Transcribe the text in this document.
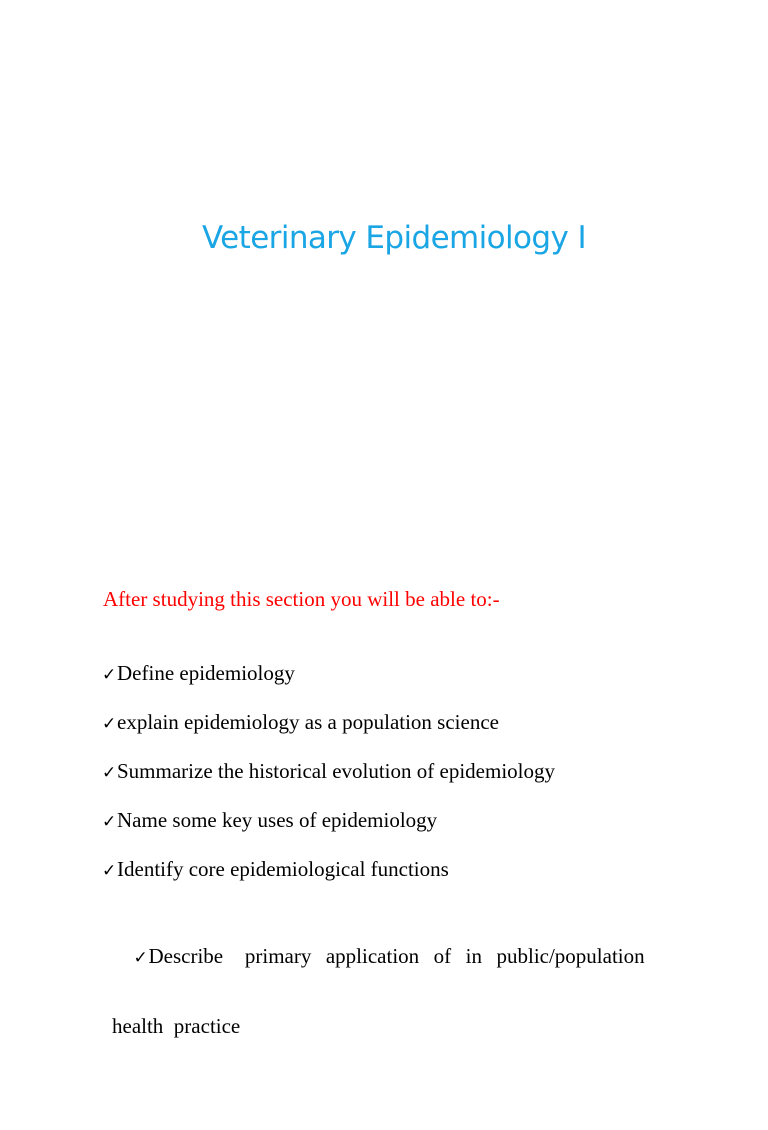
Veterinary Epidemiology I
After studying this section you will be able to:-
✓Define epidemiology
✓explain epidemiology as a population science
✓Summarize the historical evolution of epidemiology
✓Name some key uses of epidemiology
✓Identify core epidemiological functions

✓Describe   primary  application  of  in  public/population

health  practice
